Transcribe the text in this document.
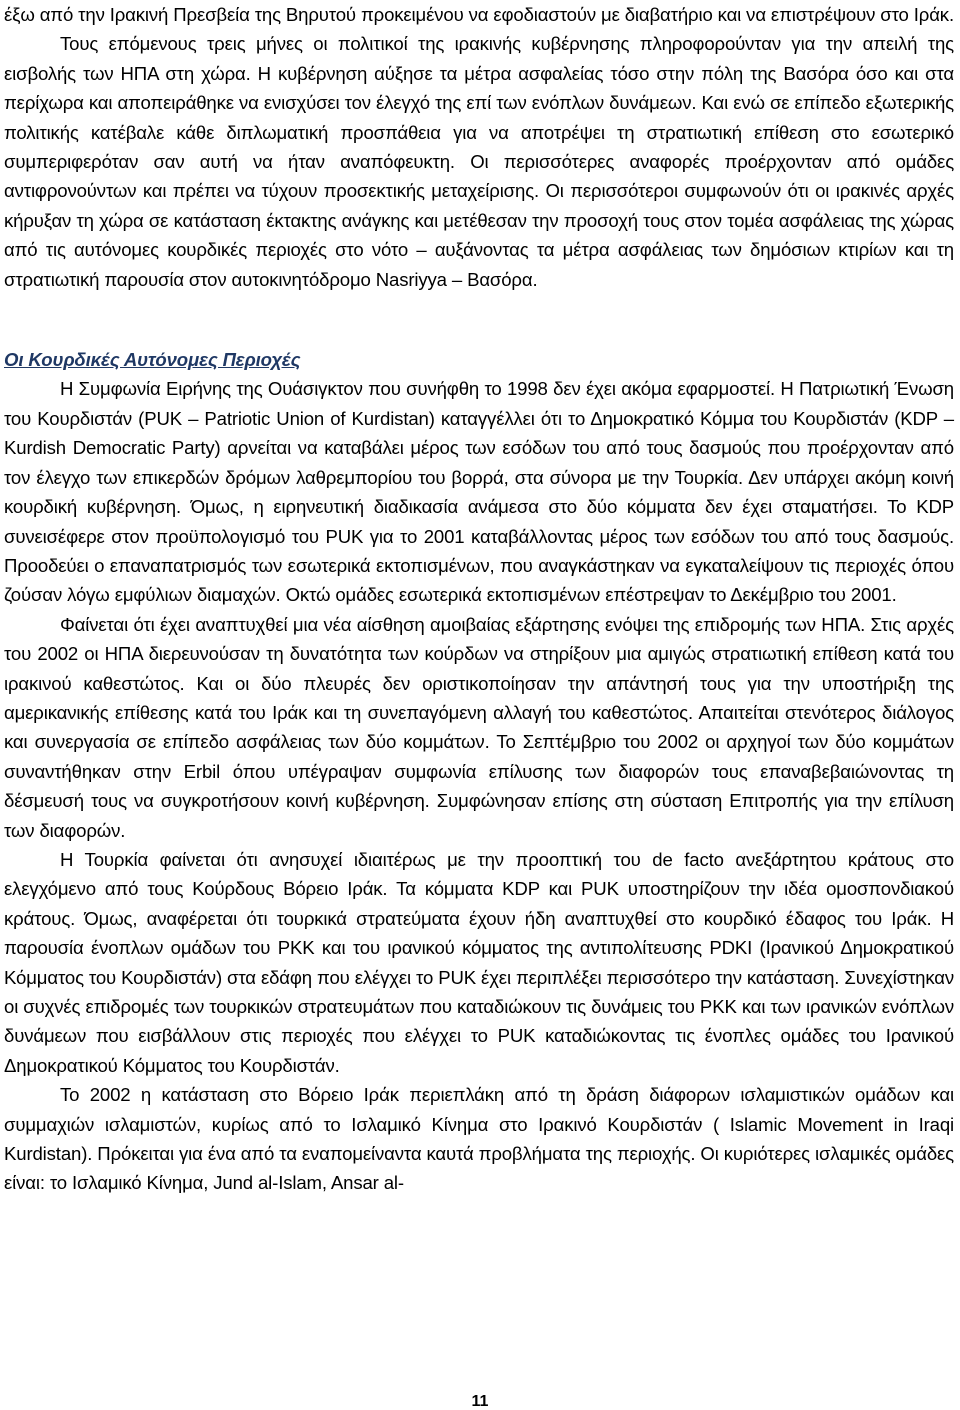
έξω από την Ιρακινή Πρεσβεία της Βηρυτού προκειμένου να εφοδιαστούν με διαβατήριο και να επιστρέψουν στο Ιράκ.

Τους επόμενους τρεις μήνες οι πολιτικοί της ιρακινής κυβέρνησης πληροφορούνταν για την απειλή της εισβολής των ΗΠΑ στη χώρα. Η κυβέρνηση αύξησε τα μέτρα ασφαλείας τόσο στην πόλη της Βασόρα όσο και στα περίχωρα και αποπειράθηκε να ενισχύσει τον έλεγχό της επί των ενόπλων δυνάμεων. Και ενώ σε επίπεδο εξωτερικής πολιτικής κατέβαλε κάθε διπλωματική προσπάθεια για να αποτρέψει τη στρατιωτική επίθεση στο εσωτερικό συμπεριφερόταν σαν αυτή να ήταν αναπόφευκτη. Οι περισσότερες αναφορές προέρχονταν από ομάδες αντιφρονούντων και πρέπει να τύχουν προσεκτικής μεταχείρισης. Οι περισσότεροι συμφωνούν ότι οι ιρακινές αρχές κήρυξαν τη χώρα σε κατάσταση έκτακτης ανάγκης και μετέθεσαν την προσοχή τους στον τομέα ασφάλειας της χώρας από τις αυτόνομες κουρδικές περιοχές στο νότο – αυξάνοντας τα μέτρα ασφάλειας των δημόσιων κτιρίων και τη στρατιωτική παρουσία στον αυτοκινητόδρομο Nasriyya – Βασόρα.

Οι Κουρδικές Αυτόνομες Περιοχές

Η Συμφωνία Ειρήνης της Ουάσιγκτον που συνήφθη το 1998 δεν έχει ακόμα εφαρμοστεί. Η Πατριωτική Ένωση του Κουρδιστάν (PUK – Patriotic Union of Kurdistan) καταγγέλλει ότι το Δημοκρατικό Κόμμα του Κουρδιστάν (KDP – Kurdish Democratic Party) αρνείται να καταβάλει μέρος των εσόδων του από τους δασμούς που προέρχονταν από τον έλεγχο των επικερδών δρόμων λαθρεμπορίου του βορρά, στα σύνορα με την Τουρκία. Δεν υπάρχει ακόμη κοινή κουρδική κυβέρνηση. Όμως, η ειρηνευτική διαδικασία ανάμεσα στο δύο κόμματα δεν έχει σταματήσει. Το KDP συνεισέφερε στον προϋπολογισμό του PUK για το 2001 καταβάλλοντας μέρος των εσόδων του από τους δασμούς. Προοδεύει ο επαναπατρισμός των εσωτερικά εκτοπισμένων, που αναγκάστηκαν να εγκαταλείψουν τις περιοχές όπου ζούσαν λόγω εμφύλιων διαμαχών. Οκτώ ομάδες εσωτερικά εκτοπισμένων επέστρεψαν το Δεκέμβριο του 2001.

Φαίνεται ότι έχει αναπτυχθεί μια νέα αίσθηση αμοιβαίας εξάρτησης ενόψει της επιδρομής των ΗΠΑ. Στις αρχές του 2002 οι ΗΠΑ διερευνούσαν τη δυνατότητα των κούρδων να στηρίξουν μια αμιγώς στρατιωτική επίθεση κατά του ιρακινού καθεστώτος. Και οι δύο πλευρές δεν οριστικοποίησαν την απάντησή τους για την υποστήριξη της αμερικανικής επίθεσης κατά του Ιράκ και τη συνεπαγόμενη αλλαγή του καθεστώτος. Απαιτείται στενότερος διάλογος και συνεργασία σε επίπεδο ασφάλειας των δύο κομμάτων. Το Σεπτέμβριο του 2002 οι αρχηγοί των δύο κομμάτων συναντήθηκαν στην Erbil όπου υπέγραψαν συμφωνία επίλυσης των διαφορών τους επαναβεβαιώνοντας τη δέσμευσή τους να συγκροτήσουν κοινή κυβέρνηση. Συμφώνησαν επίσης στη σύσταση Επιτροπής για την επίλυση των διαφορών.

Η Τουρκία φαίνεται ότι ανησυχεί ιδιαιτέρως με την προοπτική του de facto ανεξάρτητου κράτους στο ελεγχόμενο από τους Κούρδους Βόρειο Ιράκ. Τα κόμματα KDP και PUK υποστηρίζουν την ιδέα ομοσπονδιακού κράτους. Όμως, αναφέρεται ότι τουρκικά στρατεύματα έχουν ήδη αναπτυχθεί στο κουρδικό έδαφος του Ιράκ. Η παρουσία ένοπλων ομάδων του PKK και του ιρανικού κόμματος της αντιπολίτευσης PDKI (Ιρανικού Δημοκρατικού Κόμματος του Κουρδιστάν) στα εδάφη που ελέγχει το PUK έχει περιπλέξει περισσότερο την κατάσταση. Συνεχίστηκαν οι συχνές επιδρομές των τουρκικών στρατευμάτων που καταδιώκουν τις δυνάμεις του PKK και των ιρανικών ενόπλων δυνάμεων που εισβάλλουν στις περιοχές που ελέγχει το PUK καταδιώκοντας τις ένοπλες ομάδες του Ιρανικού Δημοκρατικού Κόμματος του Κουρδιστάν.

Το 2002 η κατάσταση στο Βόρειο Ιράκ περιεπλάκη από τη δράση διάφορων ισλαμιστικών ομάδων και συμμαχιών ισλαμιστών, κυρίως από το Ισλαμικό Κίνημα στο Ιρακινό Κουρδιστάν ( Islamic Movement in Iraqi Kurdistan). Πρόκειται για ένα από τα εναπομείναντα καυτά προβλήματα της περιοχής. Οι κυριότερες ισλαμικές ομάδες είναι: το Ισλαμικό Κίνημα, Jund al-Islam, Ansar al-

11
